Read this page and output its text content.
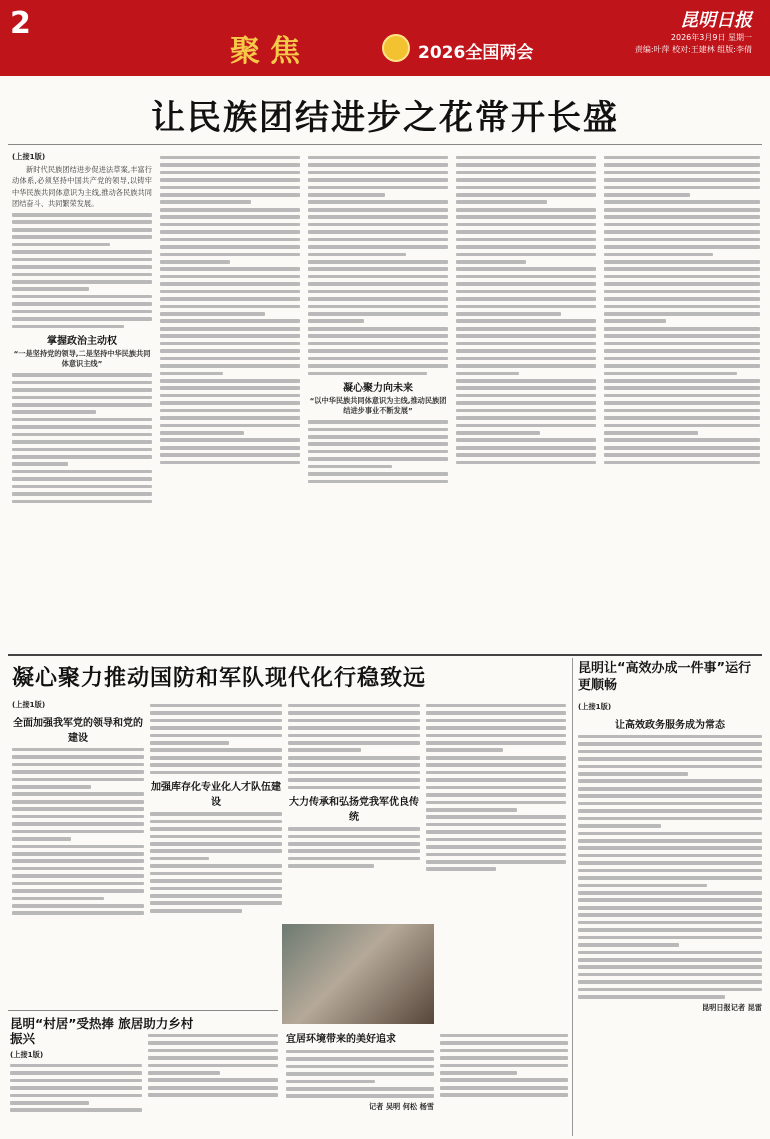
2
聚焦	2026全国两会
昆明日报
2026年3月9日 星期一
责编:叶萍 校对:王建林 组版:李倩
让民族团结进步之花常开长盛
(上接1版)

新时代民族团结进步促进法草案,丰富行动体系,必须坚持中国共产党的领导,以铸牢中华民族共同体意识为主线,推动各民族共同团结奋斗、共同繁荣发展。

掌握政治主动权
“一是坚持党的领导,二是坚持中华民族共同体意识主线”
凝心聚力向未来
“以中华民族共同体意识为主线,推动民族团结进步事业不断发展”
凝心聚力推动国防和军队现代化行稳致远
(上接1版)
全面加强我军党的领导和党的建设
加强库存化专业化人才队伍建设	大力传承和弘扬党我军优良传统
昆明让“高效办成一件事”运行更顺畅
(上接1版)
让高效政务服务成为常态
昆明日报记者 昆雷
昆明“村居”受热捧 旅居助力乡村振兴
(上接1版)
宜居环境带来的美好追求
记者 吴明 何松 杨雪
